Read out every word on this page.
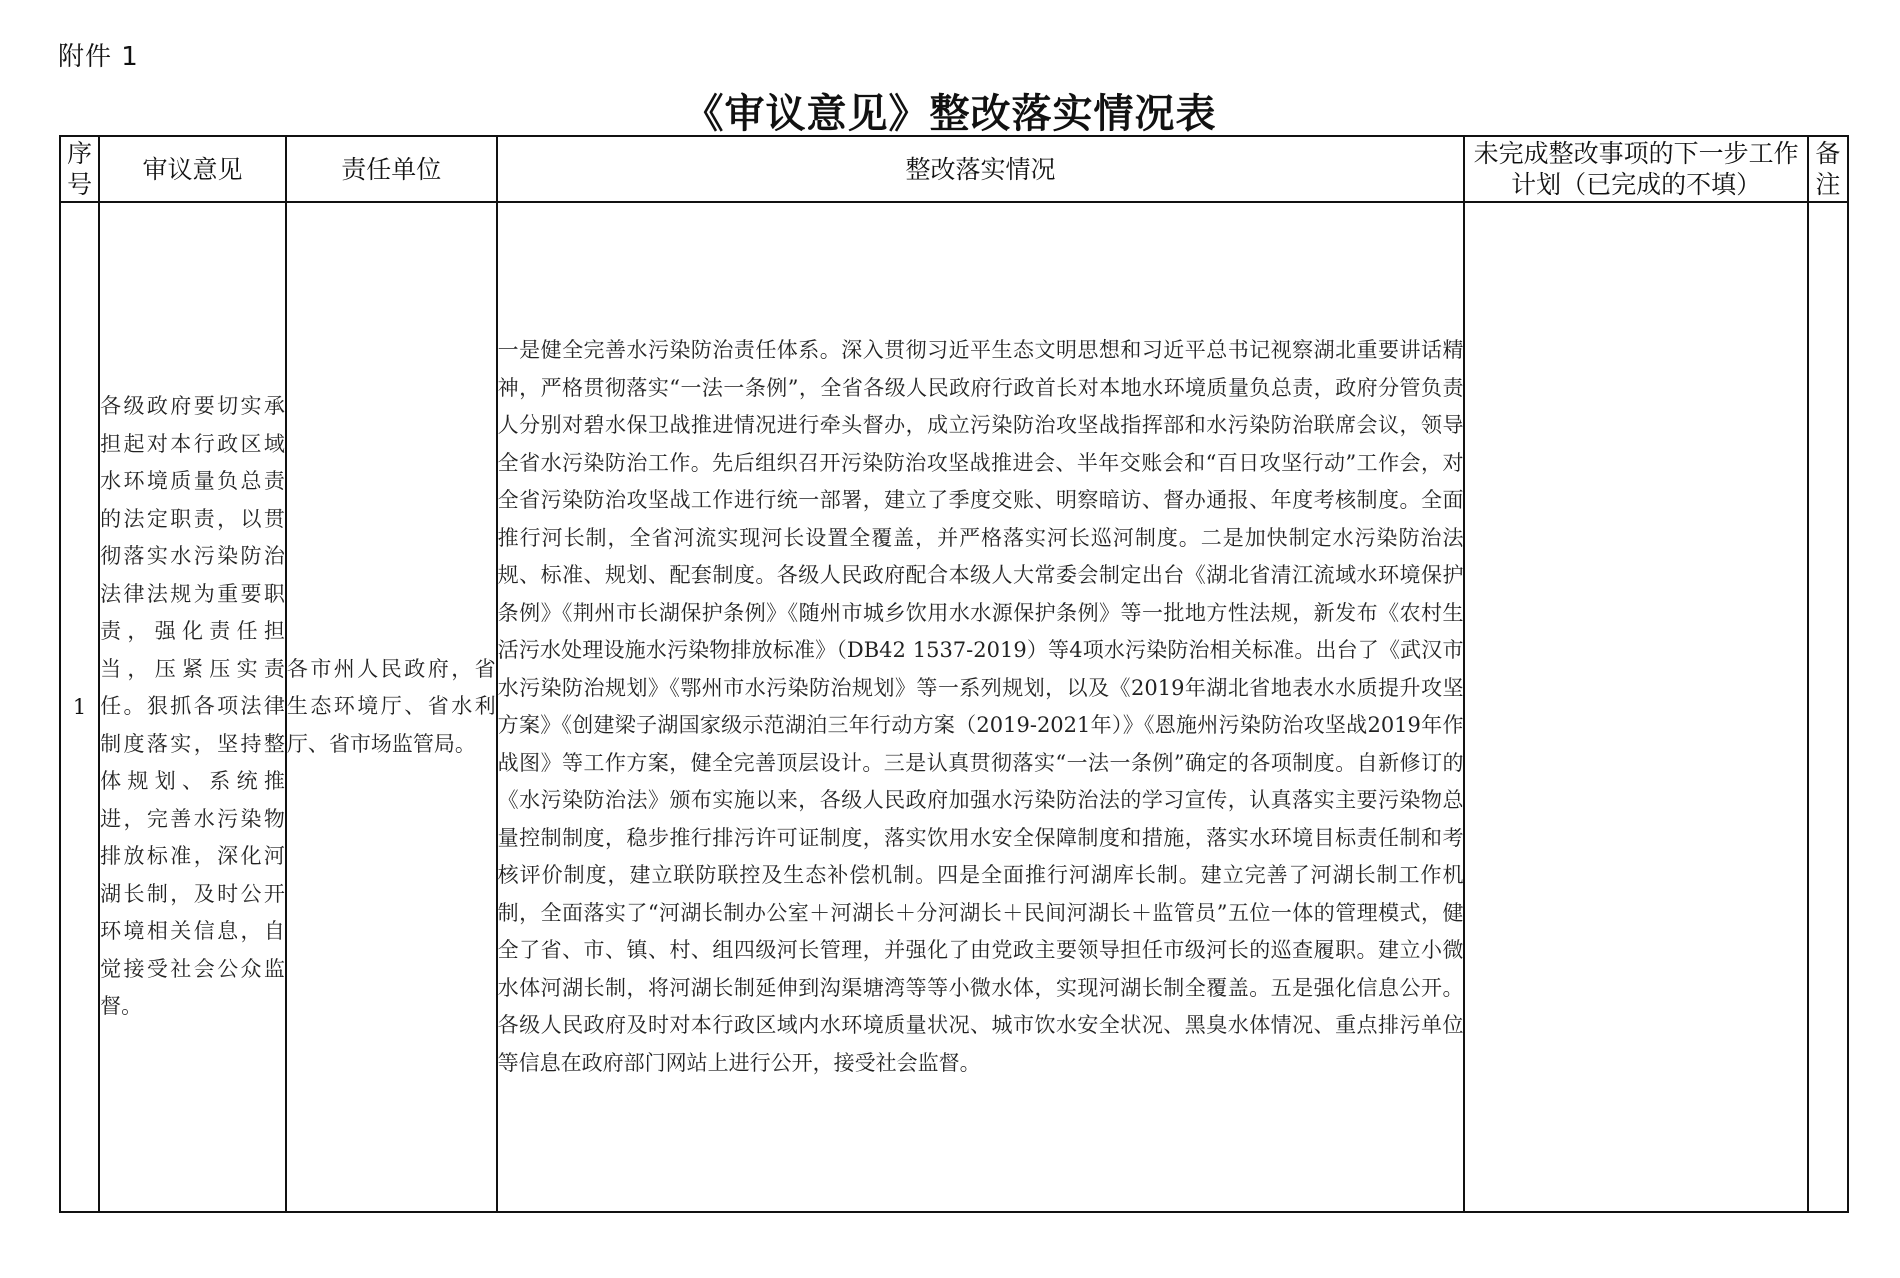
附件 1
《审议意见》整改落实情况表
序号	审议意见	责任单位	整改落实情况	未完成整改事项的下一步工作计划（已完成的不填）	备注
1	各级政府要切实承担起对本行政区域水环境质量负总责的法定职责，以贯彻落实水污染防治法律法规为重要职责，强化责任担当，压紧压实责任。狠抓各项法律制度落实，坚持整体规划、系统推进，完善水污染物排放标准，深化河湖长制，及时公开环境相关信息，自觉接受社会公众监督。	各市州人民政府，省生态环境厅、省水利厅、省市场监管局。	一是健全完善水污染防治责任体系。深入贯彻习近平生态文明思想和习近平总书记视察湖北重要讲话精神，严格贯彻落实“一法一条例”，全省各级人民政府行政首长对本地水环境质量负总责，政府分管负责人分别对碧水保卫战推进情况进行牵头督办，成立污染防治攻坚战指挥部和水污染防治联席会议，领导全省水污染防治工作。先后组织召开污染防治攻坚战推进会、半年交账会和“百日攻坚行动”工作会，对全省污染防治攻坚战工作进行统一部署，建立了季度交账、明察暗访、督办通报、年度考核制度。全面推行河长制，全省河流实现河长设置全覆盖，并严格落实河长巡河制度。二是加快制定水污染防治法规、标准、规划、配套制度。各级人民政府配合本级人大常委会制定出台《湖北省清江流域水环境保护条例》《荆州市长湖保护条例》《随州市城乡饮用水水源保护条例》等一批地方性法规，新发布《农村生活污水处理设施水污染物排放标准》（DB42 1537-2019）等4项水污染防治相关标准。出台了《武汉市水污染防治规划》《鄂州市水污染防治规划》等一系列规划，以及《2019年湖北省地表水水质提升攻坚方案》《创建梁子湖国家级示范湖泊三年行动方案（2019-2021年）》《恩施州污染防治攻坚战2019年作战图》等工作方案，健全完善顶层设计。三是认真贯彻落实“一法一条例”确定的各项制度。自新修订的《水污染防治法》颁布实施以来，各级人民政府加强水污染防治法的学习宣传，认真落实主要污染物总量控制制度，稳步推行排污许可证制度，落实饮用水安全保障制度和措施，落实水环境目标责任制和考核评价制度，建立联防联控及生态补偿机制。四是全面推行河湖库长制。建立完善了河湖长制工作机制，全面落实了“河湖长制办公室＋河湖长＋分河湖长＋民间河湖长＋监管员”五位一体的管理模式，健全了省、市、镇、村、组四级河长管理，并强化了由党政主要领导担任市级河长的巡查履职。建立小微水体河湖长制，将河湖长制延伸到沟渠塘湾等等小微水体，实现河湖长制全覆盖。五是强化信息公开。各级人民政府及时对本行政区域内水环境质量状况、城市饮水安全状况、黑臭水体情况、重点排污单位等信息在政府部门网站上进行公开，接受社会监督。		
